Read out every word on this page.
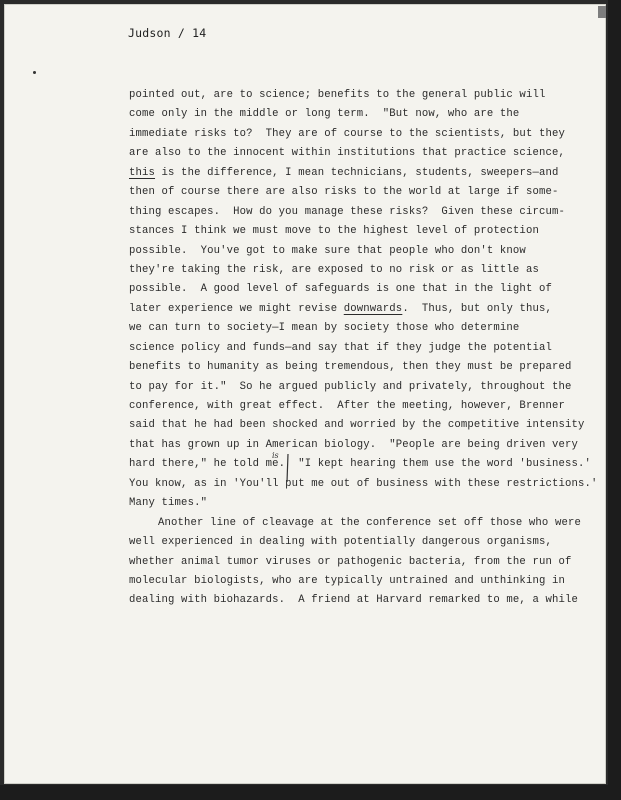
Judson / 14
pointed out, are to science; benefits to the general public will
come only in the middle or long term.  "But now, who are the
immediate risks to?  They are of course to the scientists, but they
are also to the innocent within institutions that practice science,
this is the difference, I mean technicians, students, sweepers—and
then of course there are also risks to the world at large if some-
thing escapes.  How do you manage these risks?  Given these circum-
stances I think we must move to the highest level of protection
possible.  You've got to make sure that people who don't know
they're taking the risk, are exposed to no risk or as little as
possible.  A good level of safeguards is one that in the light of
later experience we might revise downwards.  Thus, but only thus,
we can turn to society—I mean by society those who determine
science policy and funds—and say that if they judge the potential
benefits to humanity as being tremendous, then they must be prepared
to pay for it."  So he argued publicly and privately, throughout the
conference, with great effect.  After the meeting, however, Brenner
said that he had been shocked and worried by the competitive intensity
that has grown up in American biology.  "People are being driven very
hard there," he told me.  "I kept hearing them use the word 'business.'
You know, as in 'You'll put me out of business with these restrictions.'
Many times."
Another line of cleavage at the conference set off those who were
well experienced in dealing with potentially dangerous organisms,
whether animal tumor viruses or pathogenic bacteria, from the run of
molecular biologists, who are typically untrained and unthinking in
dealing with biohazards.  A friend at Harvard remarked to me, a while
is
